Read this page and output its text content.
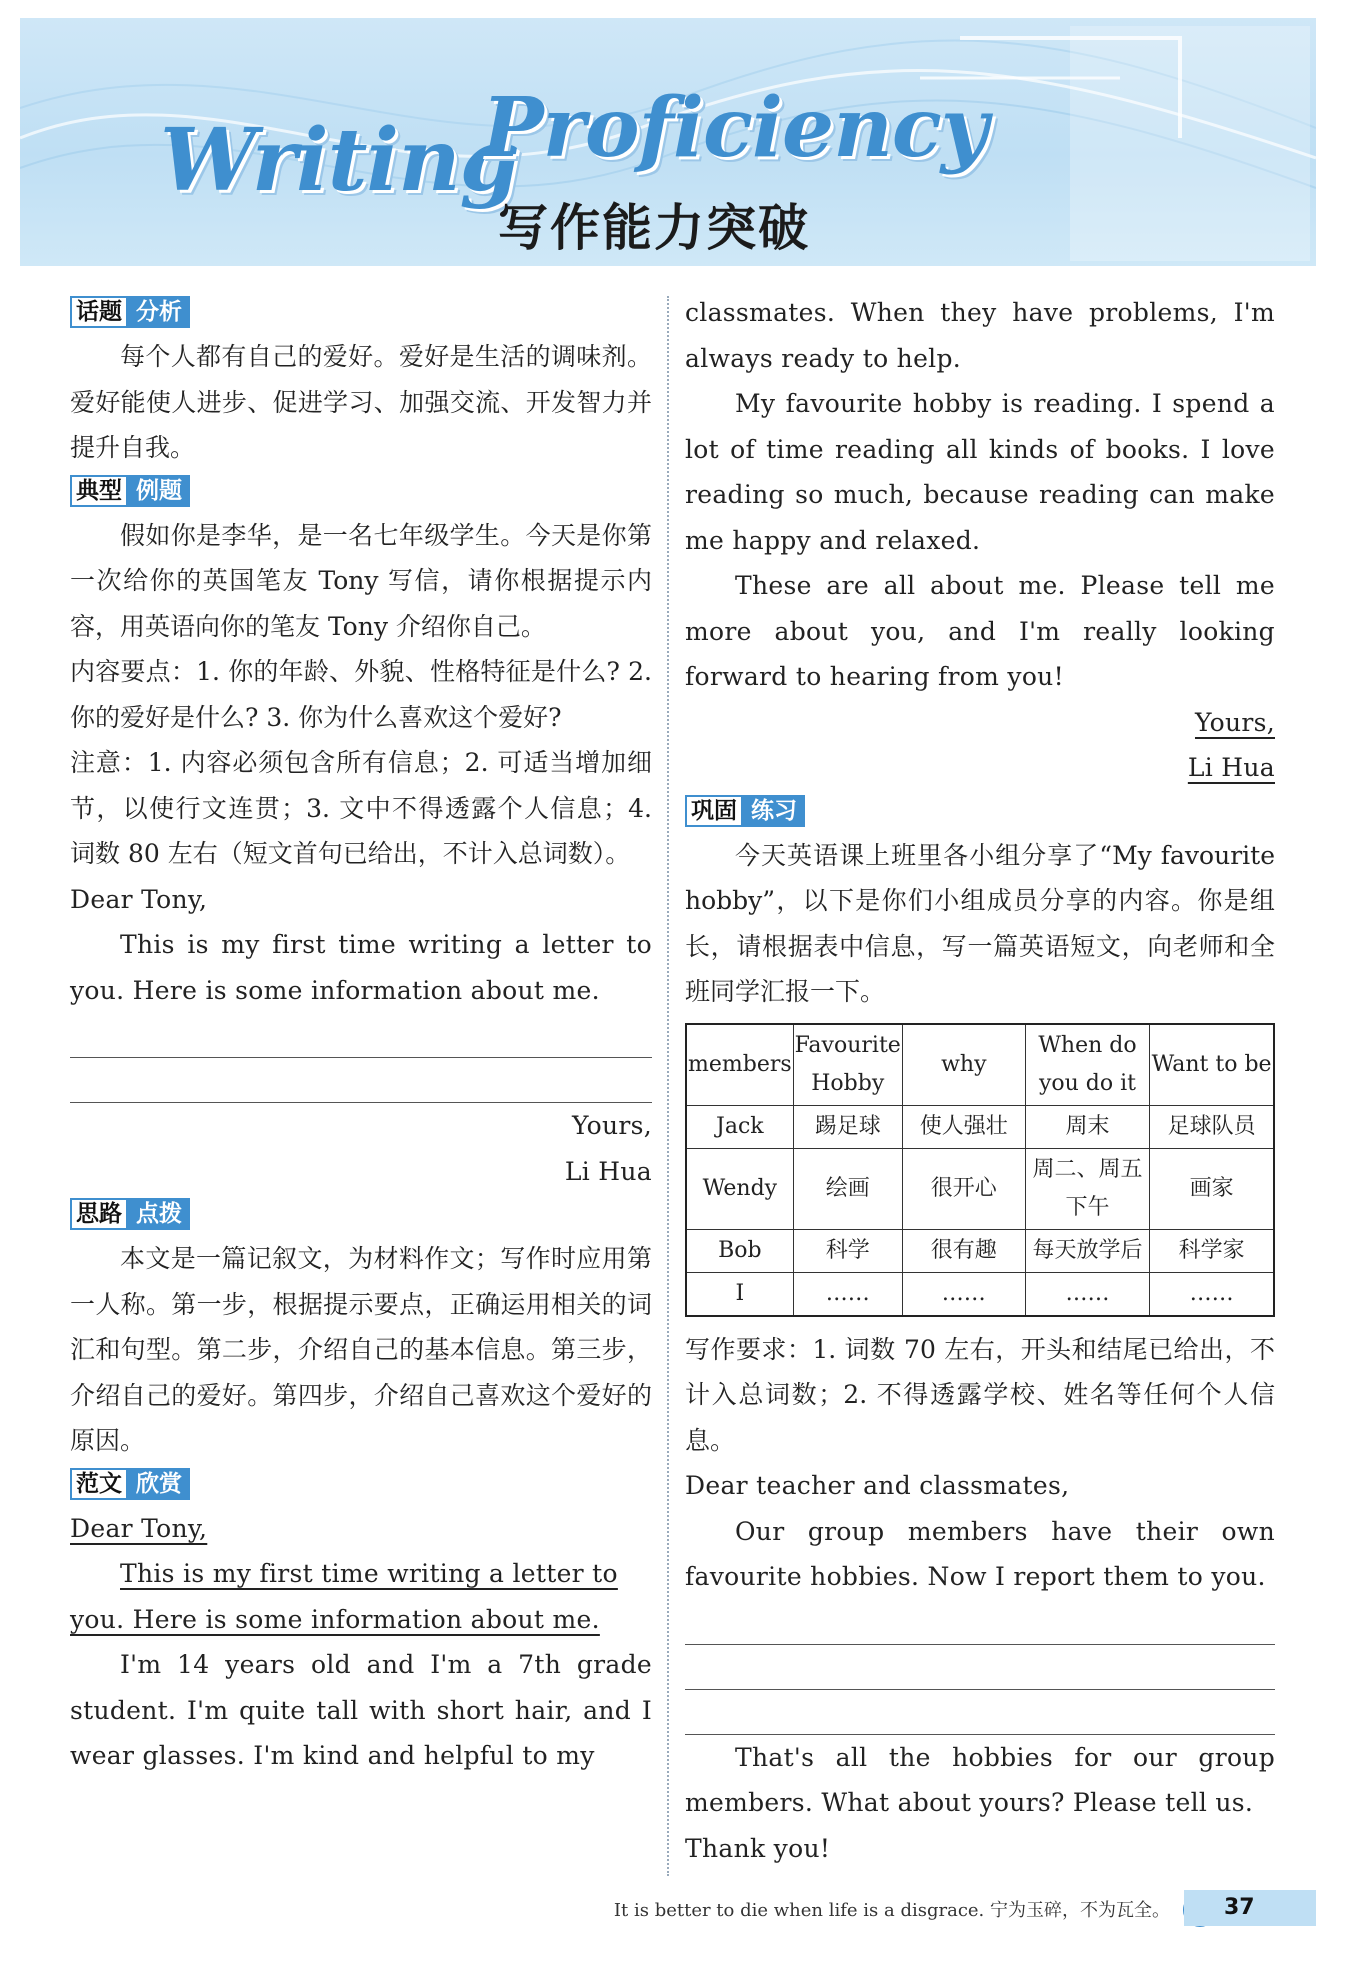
Writing
Proficiency
写作能力突破
话题 分析

每个人都有自己的爱好。爱好是生活的调味剂。爱好能使人进步、促进学习、加强交流、开发智力并提升自我。

典型 例题

假如你是李华，是一名七年级学生。今天是你第一次给你的英国笔友 Tony 写信，请你根据提示内容，用英语向你的笔友 Tony 介绍你自己。

内容要点：1. 你的年龄、外貌、性格特征是什么? 2. 你的爱好是什么? 3. 你为什么喜欢这个爱好?

注意：1. 内容必须包含所有信息；2. 可适当增加细节，以使行文连贯；3. 文中不得透露个人信息；4. 词数 80 左右（短文首句已给出，不计入总词数）。

Dear Tony,

This is my first time writing a letter to you. Here is some information about me.

Yours,

Li Hua

思路 点拨

本文是一篇记叙文，为材料作文；写作时应用第一人称。第一步，根据提示要点，正确运用相关的词汇和句型。第二步，介绍自己的基本信息。第三步，介绍自己的爱好。第四步，介绍自己喜欢这个爱好的原因。

范文 欣赏

Dear Tony,

This is my first time writing a letter to

you. Here is some information about me.

I'm 14 years old and I'm a 7th grade student. I'm quite tall with short hair, and I wear glasses. I'm kind and helpful to my

classmates. When they have problems, I'm always ready to help.

My favourite hobby is reading. I spend a lot of time reading all kinds of books. I love reading so much, because reading can make me happy and relaxed.

These are all about me. Please tell me more about you, and I'm really looking forward to hearing from you!

Yours,

Li Hua

巩固 练习

今天英语课上班里各小组分享了“My favourite hobby”，以下是你们小组成员分享的内容。你是组长，请根据表中信息，写一篇英语短文，向老师和全班同学汇报一下。

members	Favourite Hobby	why	When do you do it	Want to be
Jack	踢足球	使人强壮	周末	足球队员
Wendy	绘画	很开心	周二、周五下午	画家
Bob	科学	很有趣	每天放学后	科学家
I	……	……	……	……

写作要求：1. 词数 70 左右，开头和结尾已给出，不计入总词数；2. 不得透露学校、姓名等任何个人信息。

Dear teacher and classmates,

Our group members have their own favourite hobbies. Now I report them to you.

That's all the hobbies for our group members. What about yours? Please tell us.

Thank you!

It is better to die when life is a disgrace. 宁为玉碎，不为瓦全。	37
